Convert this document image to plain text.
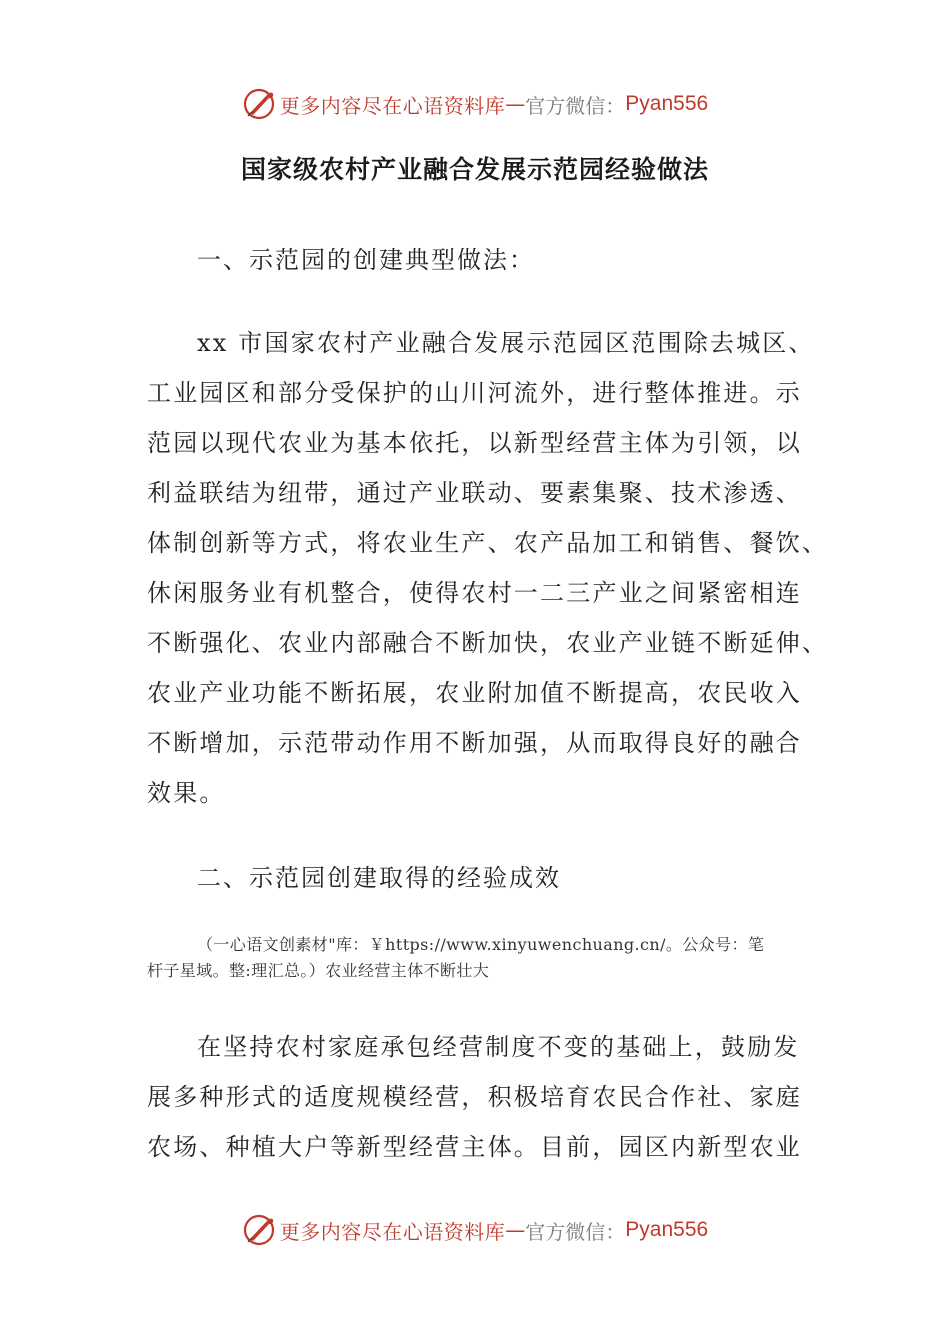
更多内容尽在心语资料库 — 官方微信： Pyan556
国家级农村产业融合发展示范园经验做法
一、示范园的创建典型做法：
xx 市国家农村产业融合发展示范园区范围除去城区、
工业园区和部分受保护的山川河流外，进行整体推进。示
范园以现代农业为基本依托，以新型经营主体为引领，以
利益联结为纽带，通过产业联动、要素集聚、技术渗透、
体制创新等方式，将农业生产、农产品加工和销售、餐饮、
休闲服务业有机整合，使得农村一二三产业之间紧密相连
不断强化、农业内部融合不断加快，农业产业链不断延伸、
农业产业功能不断拓展，农业附加值不断提高，农民收入
不断增加，示范带动作用不断加强，从而取得良好的融合
效果。
二、示范园创建取得的经验成效
（一心语文创素材"库：￥https://www.xinyuwenchuang.cn/。公众号：笔
杆子星域。整:理汇总。）农业经营主体不断壮大
在坚持农村家庭承包经营制度不变的基础上，鼓励发
展多种形式的适度规模经营，积极培育农民合作社、家庭
农场、种植大户等新型经营主体。目前，园区内新型农业
更多内容尽在心语资料库 — 官方微信： Pyan556
